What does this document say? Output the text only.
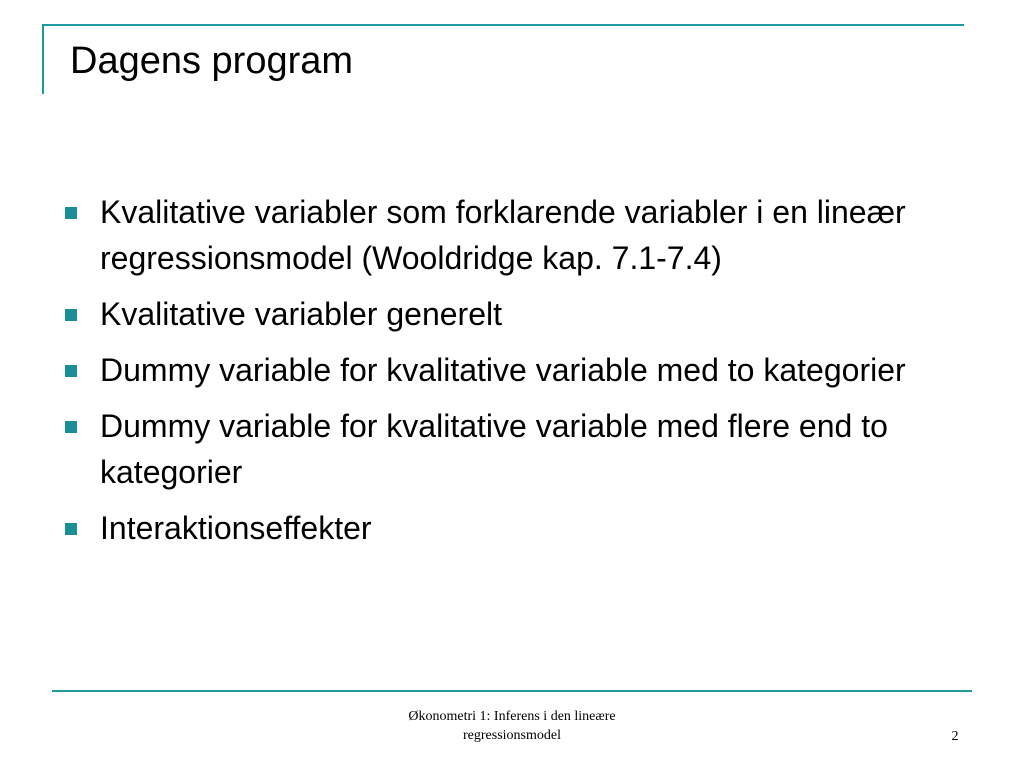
Dagens program
Kvalitative variabler som forklarende variabler i en lineær regressionsmodel (Wooldridge kap. 7.1-7.4)
Kvalitative variabler generelt
Dummy variable for kvalitative variable med to kategorier
Dummy variable for kvalitative variable med flere end to kategorier
Interaktionseffekter
Økonometri 1: Inferens i den lineære
regressionsmodel	2
